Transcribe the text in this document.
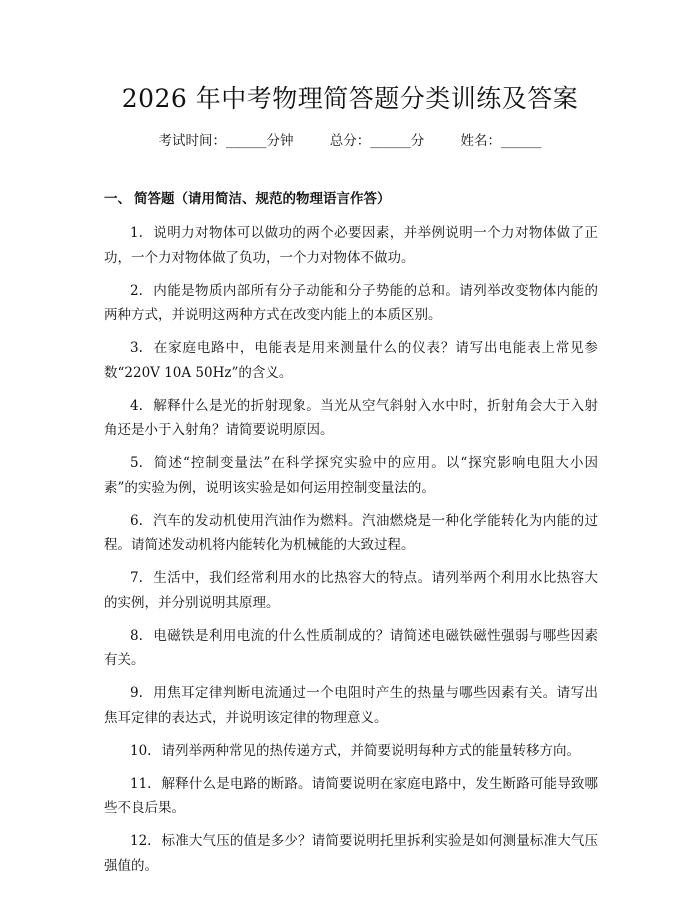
2026 年中考物理简答题分类训练及答案
考试时间：______分钟	总分：______分	姓名：______
一、 简答题（请用简洁、规范的物理语言作答）
1. 说明力对物体可以做功的两个必要因素，并举例说明一个力对物体做了正功，一个力对物体做了负功，一个力对物体不做功。
2. 内能是物质内部所有分子动能和分子势能的总和。请列举改变物体内能的两种方式，并说明这两种方式在改变内能上的本质区别。
3. 在家庭电路中，电能表是用来测量什么的仪表？请写出电能表上常见参数“220V 10A 50Hz”的含义。
4. 解释什么是光的折射现象。当光从空气斜射入水中时，折射角会大于入射角还是小于入射角？请简要说明原因。
5. 简述“控制变量法”在科学探究实验中的应用。以“探究影响电阻大小因素”的实验为例，说明该实验是如何运用控制变量法的。
6. 汽车的发动机使用汽油作为燃料。汽油燃烧是一种化学能转化为内能的过程。请简述发动机将内能转化为机械能的大致过程。
7. 生活中，我们经常利用水的比热容大的特点。请列举两个利用水比热容大的实例，并分别说明其原理。
8. 电磁铁是利用电流的什么性质制成的？请简述电磁铁磁性强弱与哪些因素有关。
9. 用焦耳定律判断电流通过一个电阻时产生的热量与哪些因素有关。请写出焦耳定律的表达式，并说明该定律的物理意义。
10. 请列举两种常见的热传递方式，并简要说明每种方式的能量转移方向。
11. 解释什么是电路的断路。请简要说明在家庭电路中，发生断路可能导致哪些不良后果。
12. 标准大气压的值是多少？请简要说明托里拆利实验是如何测量标准大气压强值的。
